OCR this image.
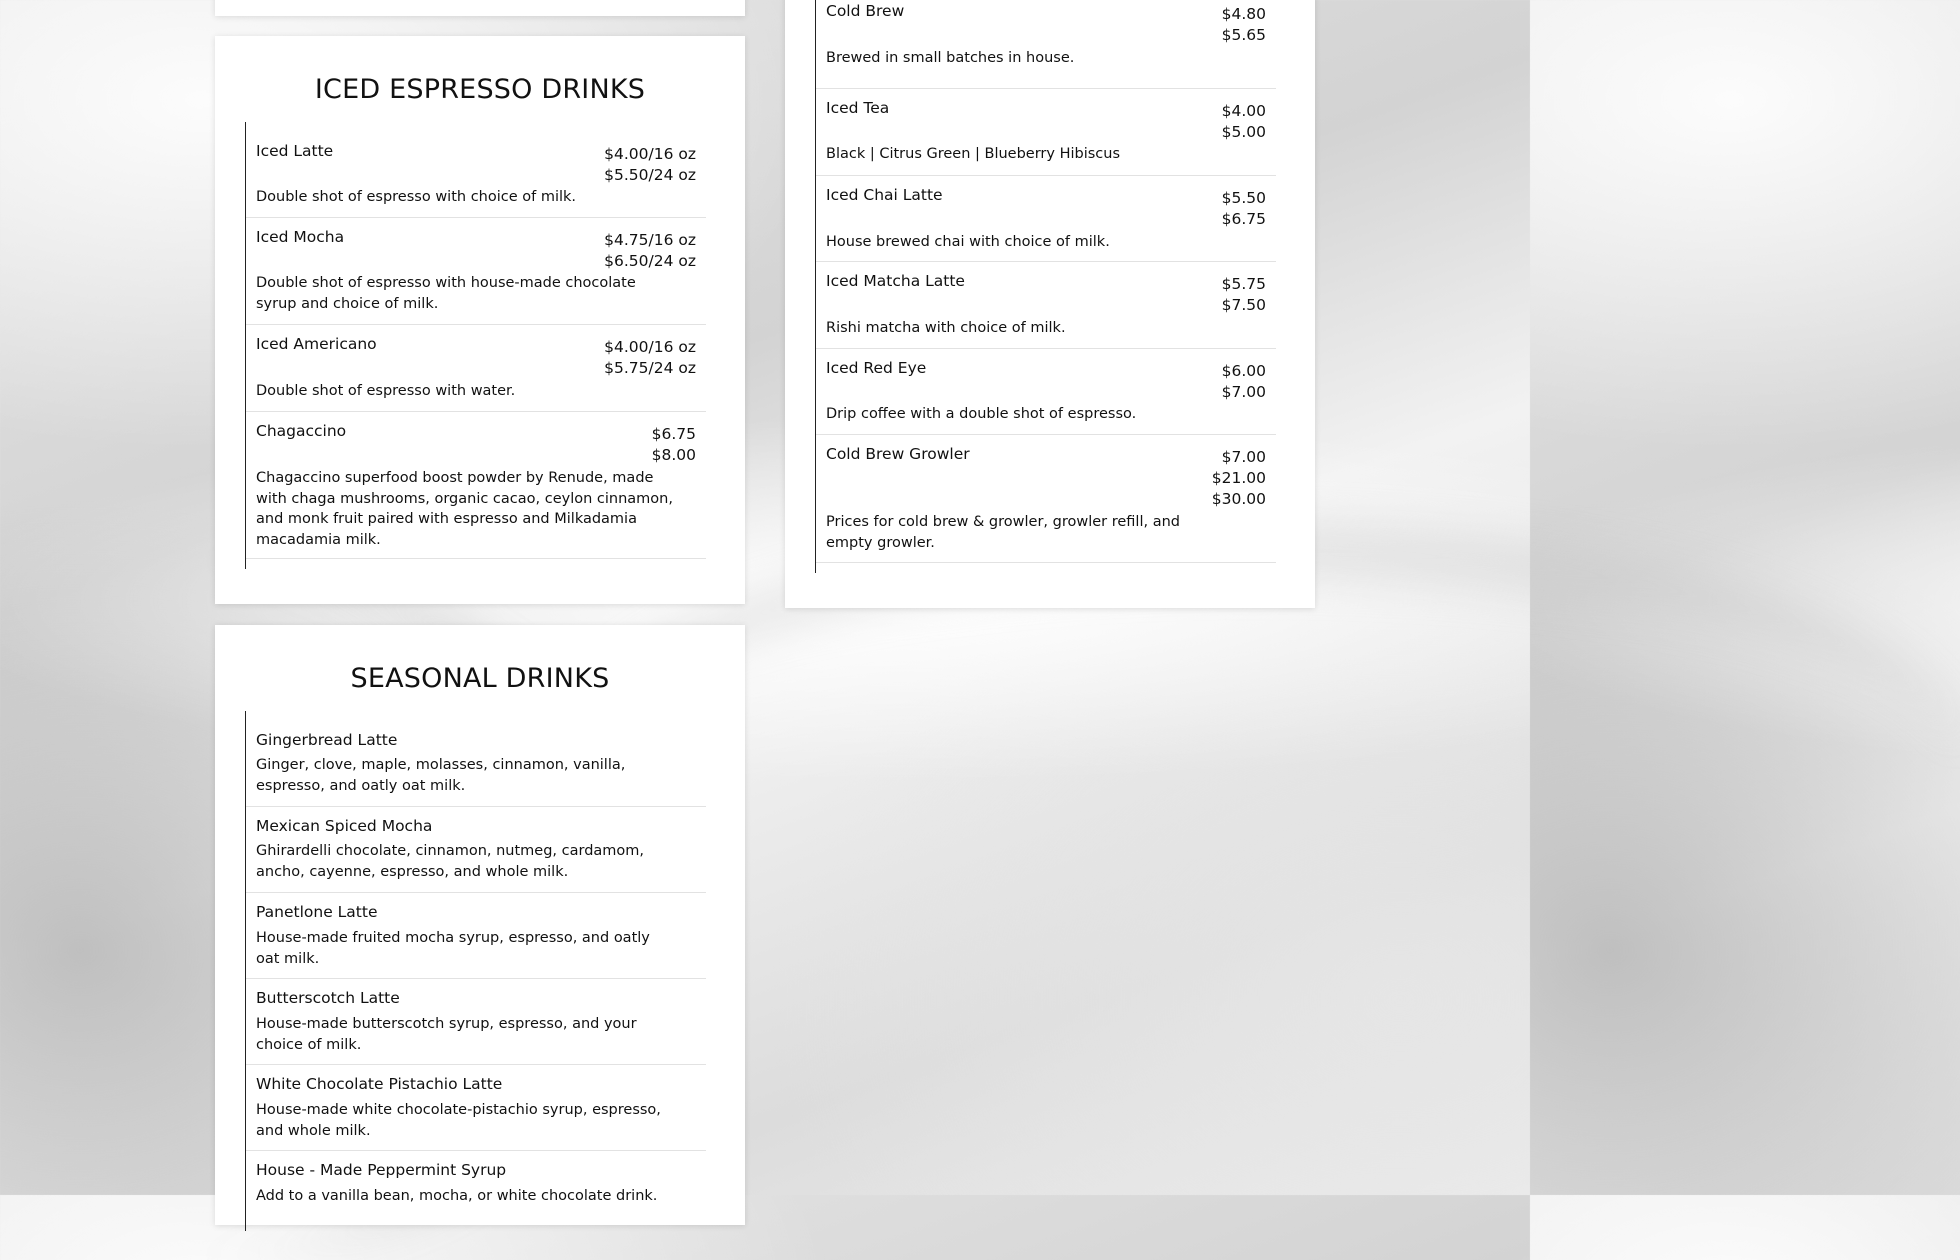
ICED ESPRESSO DRINKS
Iced Latte	$4.00/16 oz
$5.50/24 oz
Double shot of espresso with choice of milk.
Iced Mocha	$4.75/16 oz
$6.50/24 oz
Double shot of espresso with house-made chocolate syrup and choice of milk.
Iced Americano	$4.00/16 oz
$5.75/24 oz
Double shot of espresso with water.
Chagaccino	$6.75
$8.00
Chagaccino superfood boost powder by Renude, made with chaga mushrooms, organic cacao, ceylon cinnamon, and monk fruit paired with espresso and Milkadamia macadamia milk.
Cold Brew	$4.80
$5.65
Brewed in small batches in house.
Iced Tea	$4.00
$5.00
Black | Citrus Green | Blueberry Hibiscus
Iced Chai Latte	$5.50
$6.75
House brewed chai with choice of milk.
Iced Matcha Latte	$5.75
$7.50
Rishi matcha with choice of milk.
Iced Red Eye	$6.00
$7.00
Drip coffee with a double shot of espresso.
Cold Brew Growler	$7.00
$21.00
$30.00
Prices for cold brew & growler, growler refill, and empty growler.
SEASONAL DRINKS
Gingerbread Latte
Ginger, clove, maple, molasses, cinnamon, vanilla, espresso, and oatly oat milk.
Mexican Spiced Mocha
Ghirardelli chocolate, cinnamon, nutmeg, cardamom, ancho, cayenne, espresso, and whole milk.
Panetlone Latte
House-made fruited mocha syrup, espresso, and oatly oat milk.
Butterscotch Latte
House-made butterscotch syrup, espresso, and your choice of milk.
White Chocolate Pistachio Latte
House-made white chocolate-pistachio syrup, espresso, and whole milk.
House - Made Peppermint Syrup
Add to a vanilla bean, mocha, or white chocolate drink.
